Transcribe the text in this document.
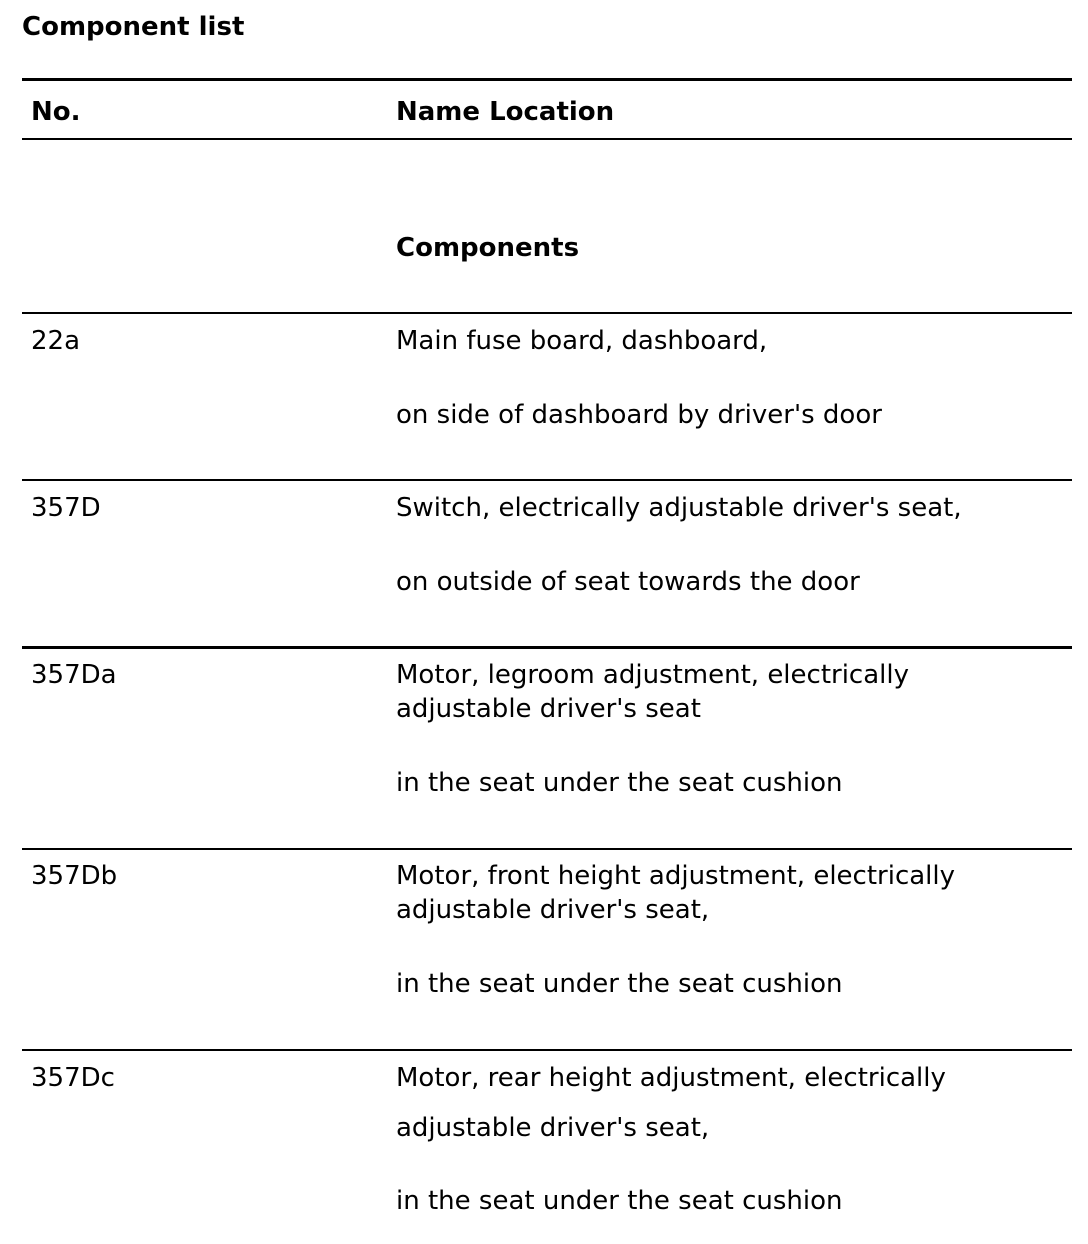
Component list
No.	Name Location
Components
22a	Main fuse board, dashboard,
on side of dashboard by driver's door
357D	Switch, electrically adjustable driver's seat,
on outside of seat towards the door
357Da	Motor, legroom adjustment, electrically
adjustable driver's seat
in the seat under the seat cushion
357Db	Motor, front height adjustment, electrically
adjustable driver's seat,
in the seat under the seat cushion
357Dc	Motor, rear height adjustment, electrically
adjustable driver's seat,
in the seat under the seat cushion
